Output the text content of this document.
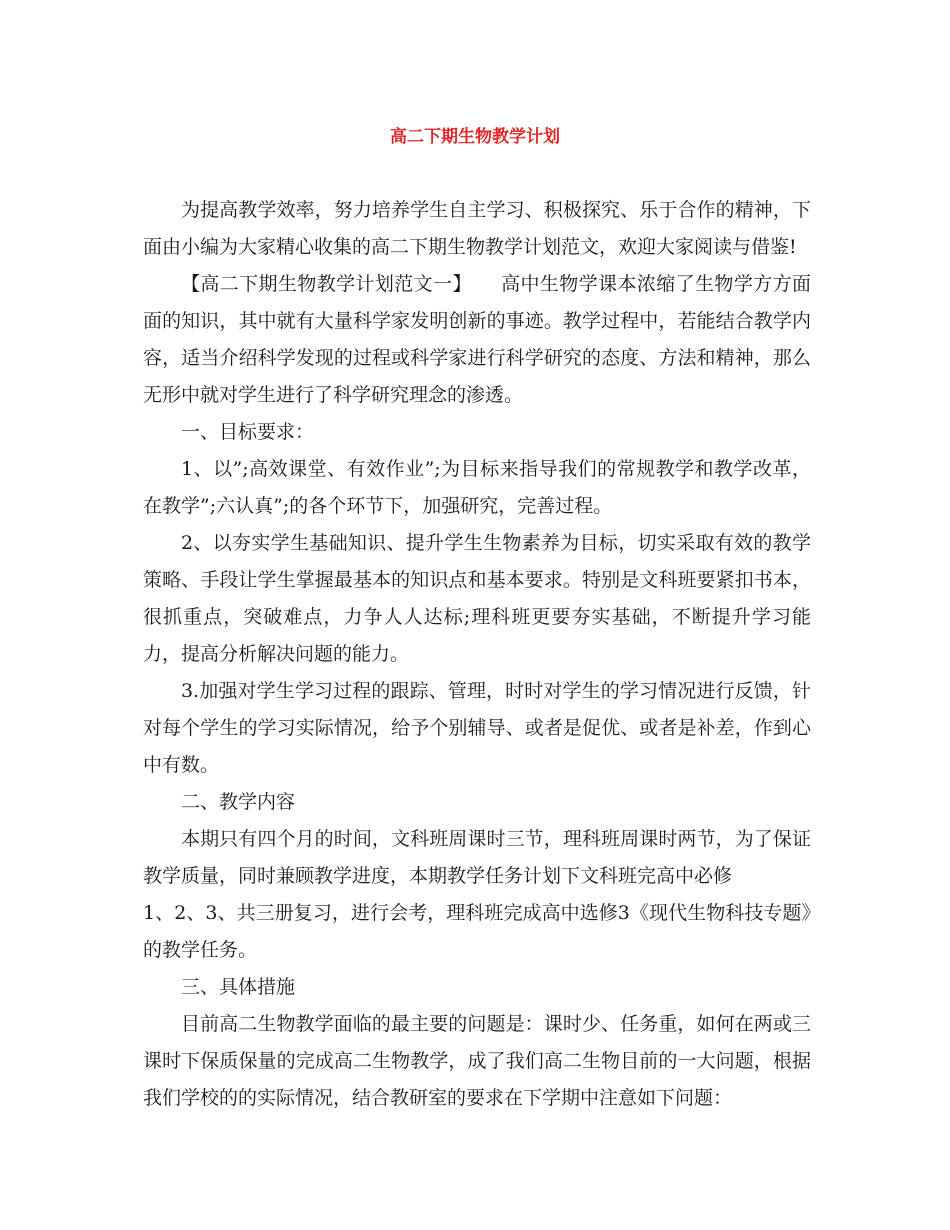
高二下期生物教学计划

为提高教学效率，努力培养学生自主学习、积极探究、乐于合作的精神，下面由小编为大家精心收集的高二下期生物教学计划范文，欢迎大家阅读与借鉴!

【高二下期生物教学计划范文一】　　高中生物学课本浓缩了生物学方方面面的知识，其中就有大量科学家发明创新的事迹。教学过程中，若能结合教学内容，适当介绍科学发现的过程或科学家进行科学研究的态度、方法和精神，那么无形中就对学生进行了科学研究理念的渗透。

一、目标要求：

1、以”;高效课堂、有效作业”;为目标来指导我们的常规教学和教学改革，在教学”;六认真”;的各个环节下，加强研究，完善过程。

2、以夯实学生基础知识、提升学生生物素养为目标，切实采取有效的教学策略、手段让学生掌握最基本的知识点和基本要求。特别是文科班要紧扣书本，很抓重点，突破难点，力争人人达标;理科班更要夯实基础，不断提升学习能力，提高分析解决问题的能力。

3.加强对学生学习过程的跟踪、管理，时时对学生的学习情况进行反馈，针对每个学生的学习实际情况，给予个别辅导、或者是促优、或者是补差，作到心中有数。

二、教学内容

本期只有四个月的时间，文科班周课时三节，理科班周课时两节，为了保证教学质量，同时兼顾教学进度，本期教学任务计划下文科班完高中必修

1、2、3、共三册复习，进行会考，理科班完成高中选修3《现代生物科技专题》的教学任务。

三、具体措施

目前高二生物教学面临的最主要的问题是：课时少、任务重，如何在两或三课时下保质保量的完成高二生物教学，成了我们高二生物目前的一大问题，根据我们学校的的实际情况，结合教研室的要求在下学期中注意如下问题：
